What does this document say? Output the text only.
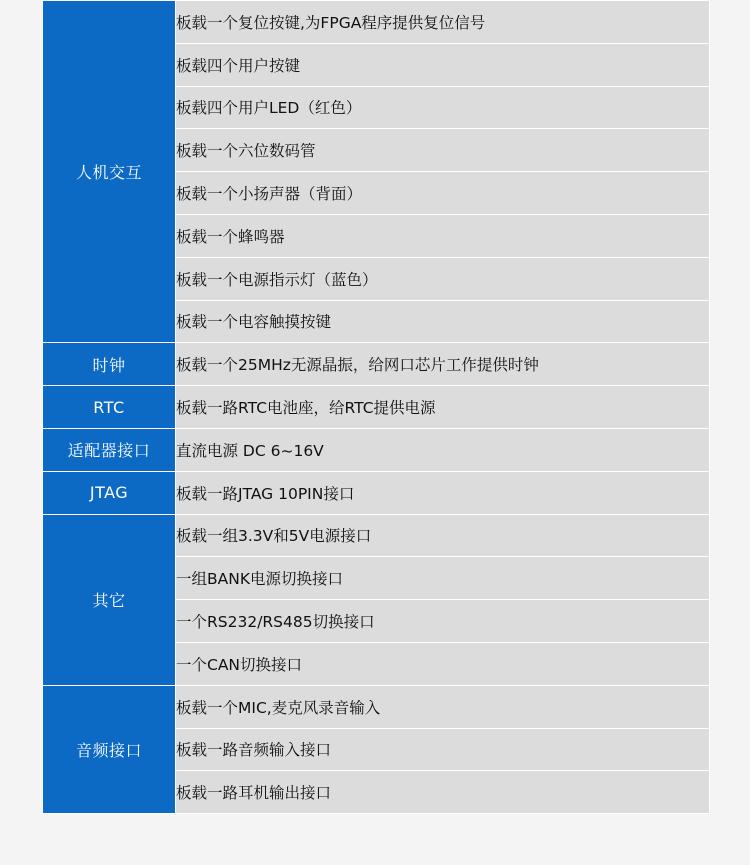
人机交互	板载一个复位按键,为FPGA程序提供复位信号
	板载四个用户按键
	板载四个用户LED（红色）
	板载一个六位数码管
	板载一个小扬声器（背面）
	板载一个蜂鸣器
	板载一个电源指示灯（蓝色）
	板载一个电容触摸按键
时钟	板载一个25MHz无源晶振，给网口芯片工作提供时钟
RTC	板载一路RTC电池座，给RTC提供电源
适配器接口	直流电源 DC 6~16V
JTAG	板载一路JTAG 10PIN接口
其它	板载一组3.3V和5V电源接口
	一组BANK电源切换接口
	一个RS232/RS485切换接口
	一个CAN切换接口
音频接口	板载一个MIC,麦克风录音输入
	板载一路音频输入接口
	板载一路耳机输出接口
